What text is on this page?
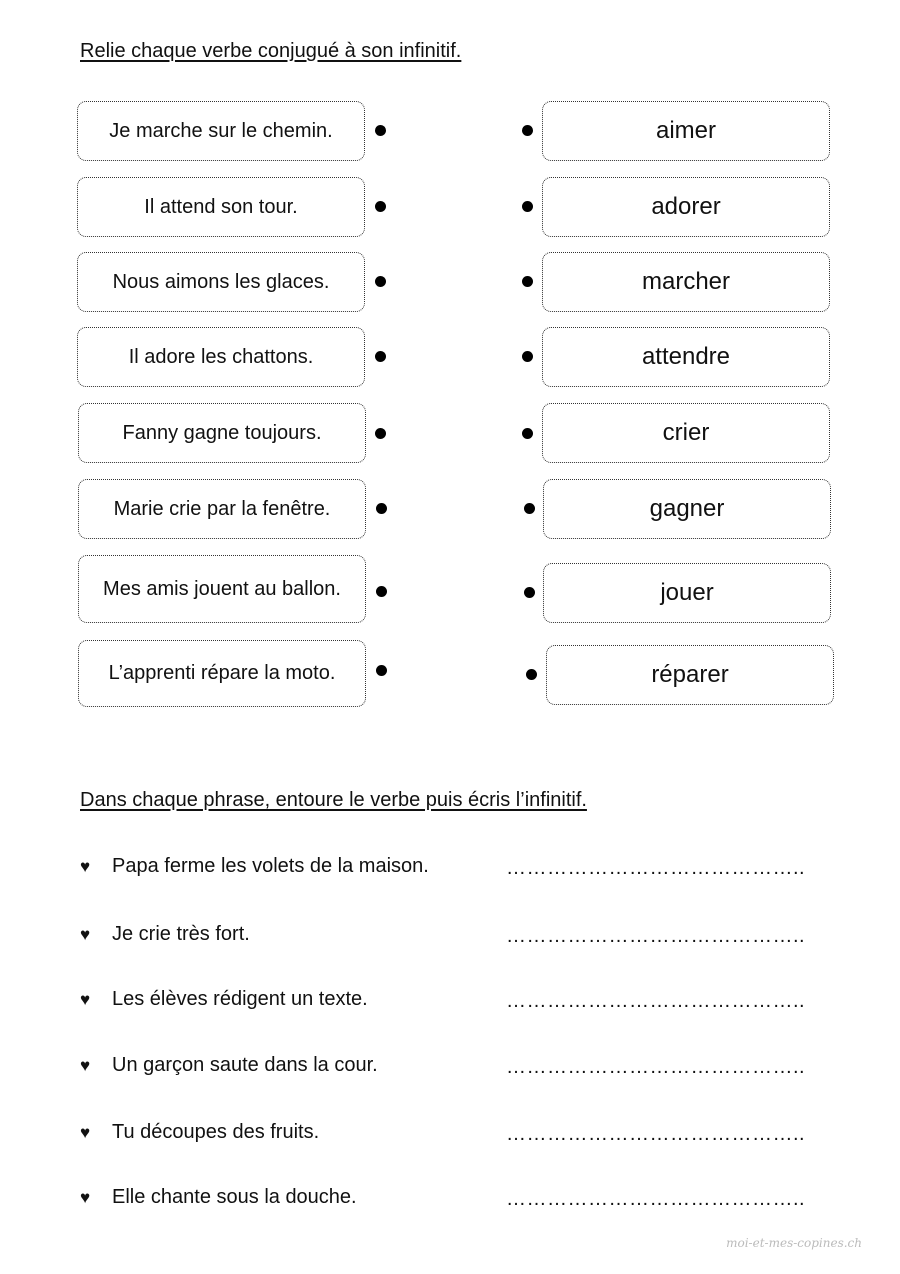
Relie chaque verbe conjugué à son infinitif.
Je marche sur le chemin.
Il attend son tour.
Nous aimons les glaces.
Il adore les chattons.
Fanny gagne toujours.
Marie crie par la fenêtre.
Mes amis jouent au ballon.
L’apprenti répare la moto.
aimer
adorer
marcher
attendre
crier
gagner
jouer
réparer
Dans chaque phrase, entoure le verbe puis écris l’infinitif.
♥	Papa ferme les volets de la maison.	……………………………………..
♥	Je crie très fort.	……………………………………..
♥	Les élèves rédigent un texte.	……………………………………..
♥	Un garçon saute dans la cour.	……………………………………..
♥	Tu découpes des fruits.	……………………………………..
♥	Elle chante sous la douche.	……………………………………..
moi-et-mes-copines.ch
